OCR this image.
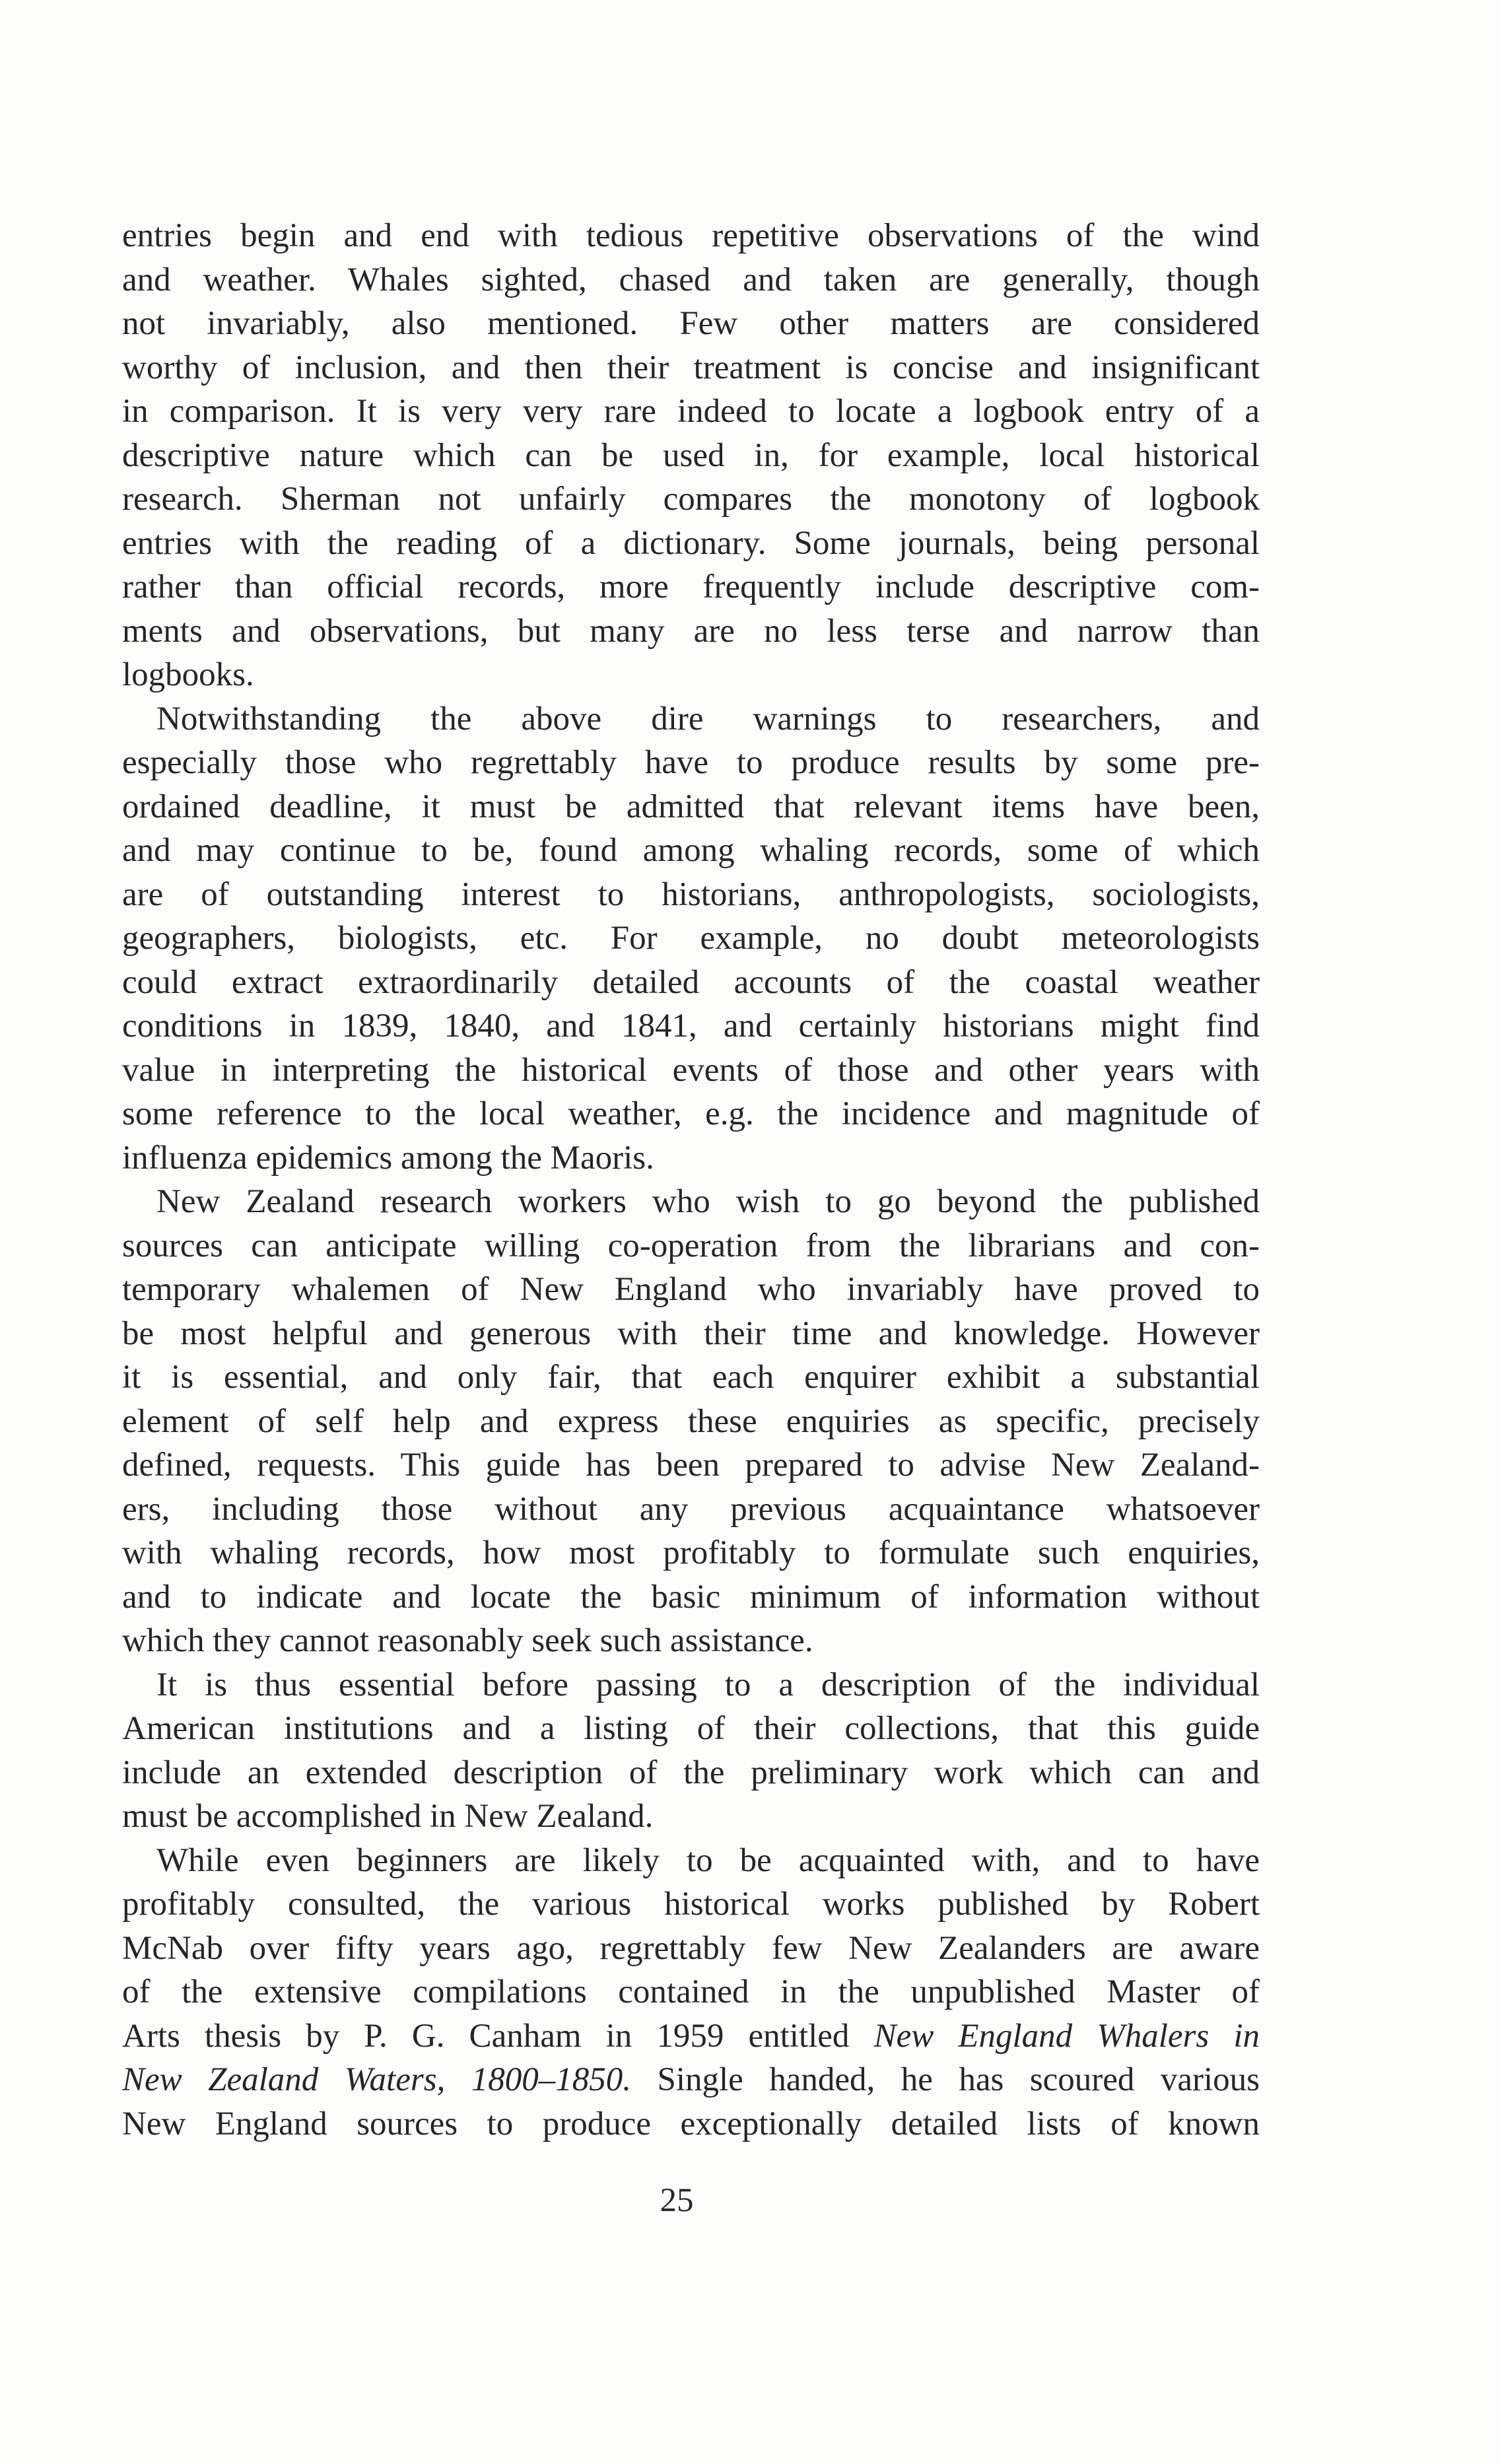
entries begin and end with tedious repetitive observations of the wind
and weather. Whales sighted, chased and taken are generally, though
not invariably, also mentioned. Few other matters are considered
worthy of inclusion, and then their treatment is concise and insignificant
in comparison. It is very very rare indeed to locate a logbook entry of a
descriptive nature which can be used in, for example, local historical
research. Sherman not unfairly compares the monotony of logbook
entries with the reading of a dictionary. Some journals, being personal
rather than official records, more frequently include descriptive com-
ments and observations, but many are no less terse and narrow than
logbooks.
Notwithstanding the above dire warnings to researchers, and
especially those who regrettably have to produce results by some pre-
ordained deadline, it must be admitted that relevant items have been,
and may continue to be, found among whaling records, some of which
are of outstanding interest to historians, anthropologists, sociologists,
geographers, biologists, etc. For example, no doubt meteorologists
could extract extraordinarily detailed accounts of the coastal weather
conditions in 1839, 1840, and 1841, and certainly historians might find
value in interpreting the historical events of those and other years with
some reference to the local weather, e.g. the incidence and magnitude of
influenza epidemics among the Maoris.
New Zealand research workers who wish to go beyond the published
sources can anticipate willing co-operation from the librarians and con-
temporary whalemen of New England who invariably have proved to
be most helpful and generous with their time and knowledge. However
it is essential, and only fair, that each enquirer exhibit a substantial
element of self help and express these enquiries as specific, precisely
defined, requests. This guide has been prepared to advise New Zealand-
ers, including those without any previous acquaintance whatsoever
with whaling records, how most profitably to formulate such enquiries,
and to indicate and locate the basic minimum of information without
which they cannot reasonably seek such assistance.
It is thus essential before passing to a description of the individual
American institutions and a listing of their collections, that this guide
include an extended description of the preliminary work which can and
must be accomplished in New Zealand.
While even beginners are likely to be acquainted with, and to have
profitably consulted, the various historical works published by Robert
McNab over fifty years ago, regrettably few New Zealanders are aware
of the extensive compilations contained in the unpublished Master of
Arts thesis by P. G. Canham in 1959 entitled New England Whalers in
New Zealand Waters, 1800–1850. Single handed, he has scoured various
New England sources to produce exceptionally detailed lists of known
25
